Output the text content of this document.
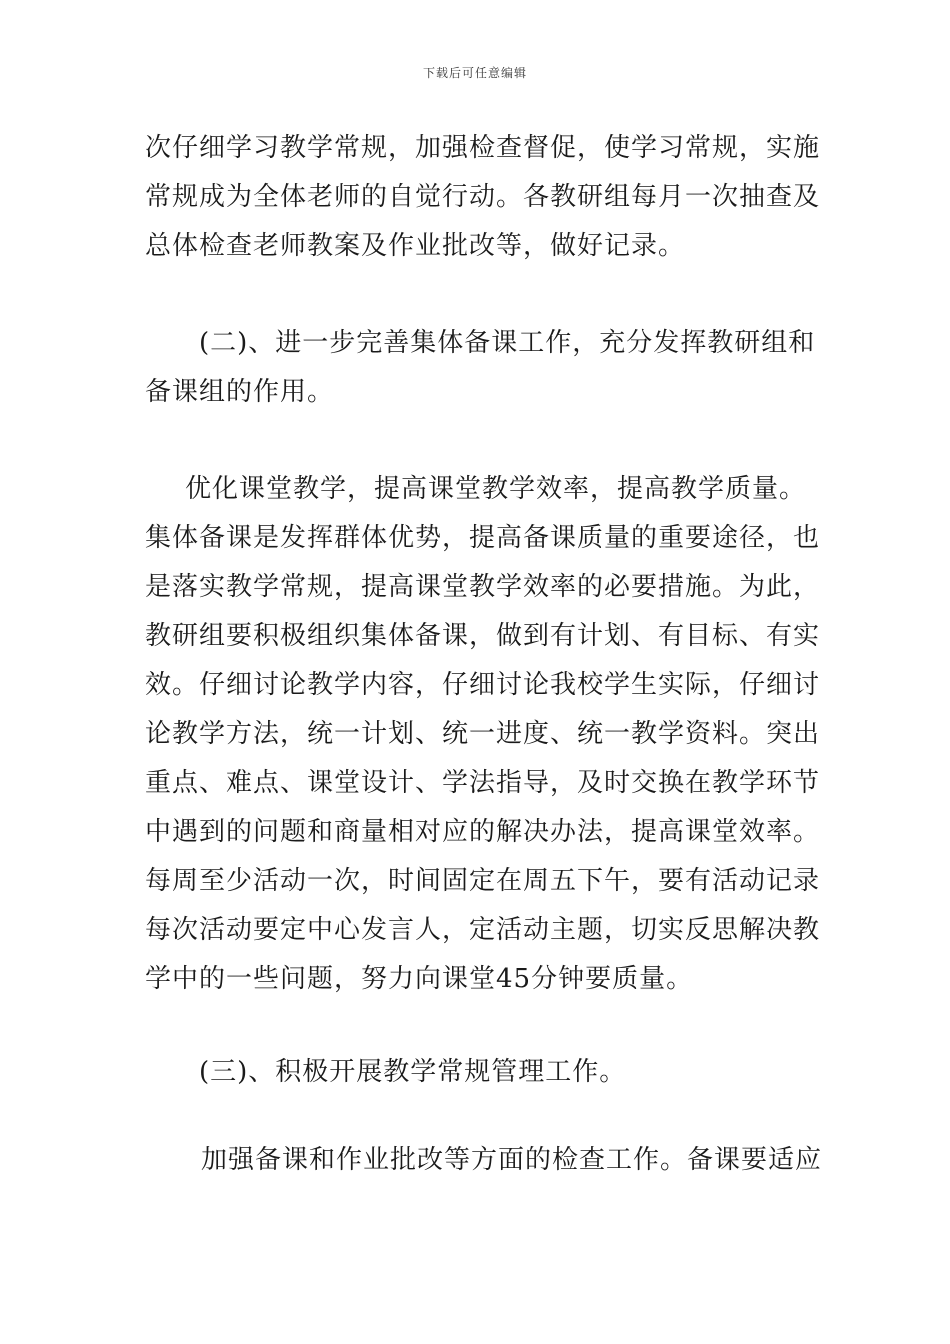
下载后可任意编辑
次仔细学习教学常规，加强检查督促，使学习常规，实施
常规成为全体老师的自觉行动。各教研组每月一次抽查及
总体检查老师教案及作业批改等，做好记录。
(二)、进一步完善集体备课工作，充分发挥教研组和
备课组的作用。
优化课堂教学，提高课堂教学效率，提高教学质量。
集体备课是发挥群体优势，提高备课质量的重要途径，也
是落实教学常规，提高课堂教学效率的必要措施。为此，
教研组要积极组织集体备课，做到有计划、有目标、有实
效。仔细讨论教学内容，仔细讨论我校学生实际，仔细讨
论教学方法，统一计划、统一进度、统一教学资料。突出
重点、难点、课堂设计、学法指导，及时交换在教学环节
中遇到的问题和商量相对应的解决办法，提高课堂效率。
每周至少活动一次，时间固定在周五下午，要有活动记录
每次活动要定中心发言人，定活动主题，切实反思解决教
学中的一些问题，努力向课堂45分钟要质量。
(三)、积极开展教学常规管理工作。
加强备课和作业批改等方面的检查工作。备课要适应
